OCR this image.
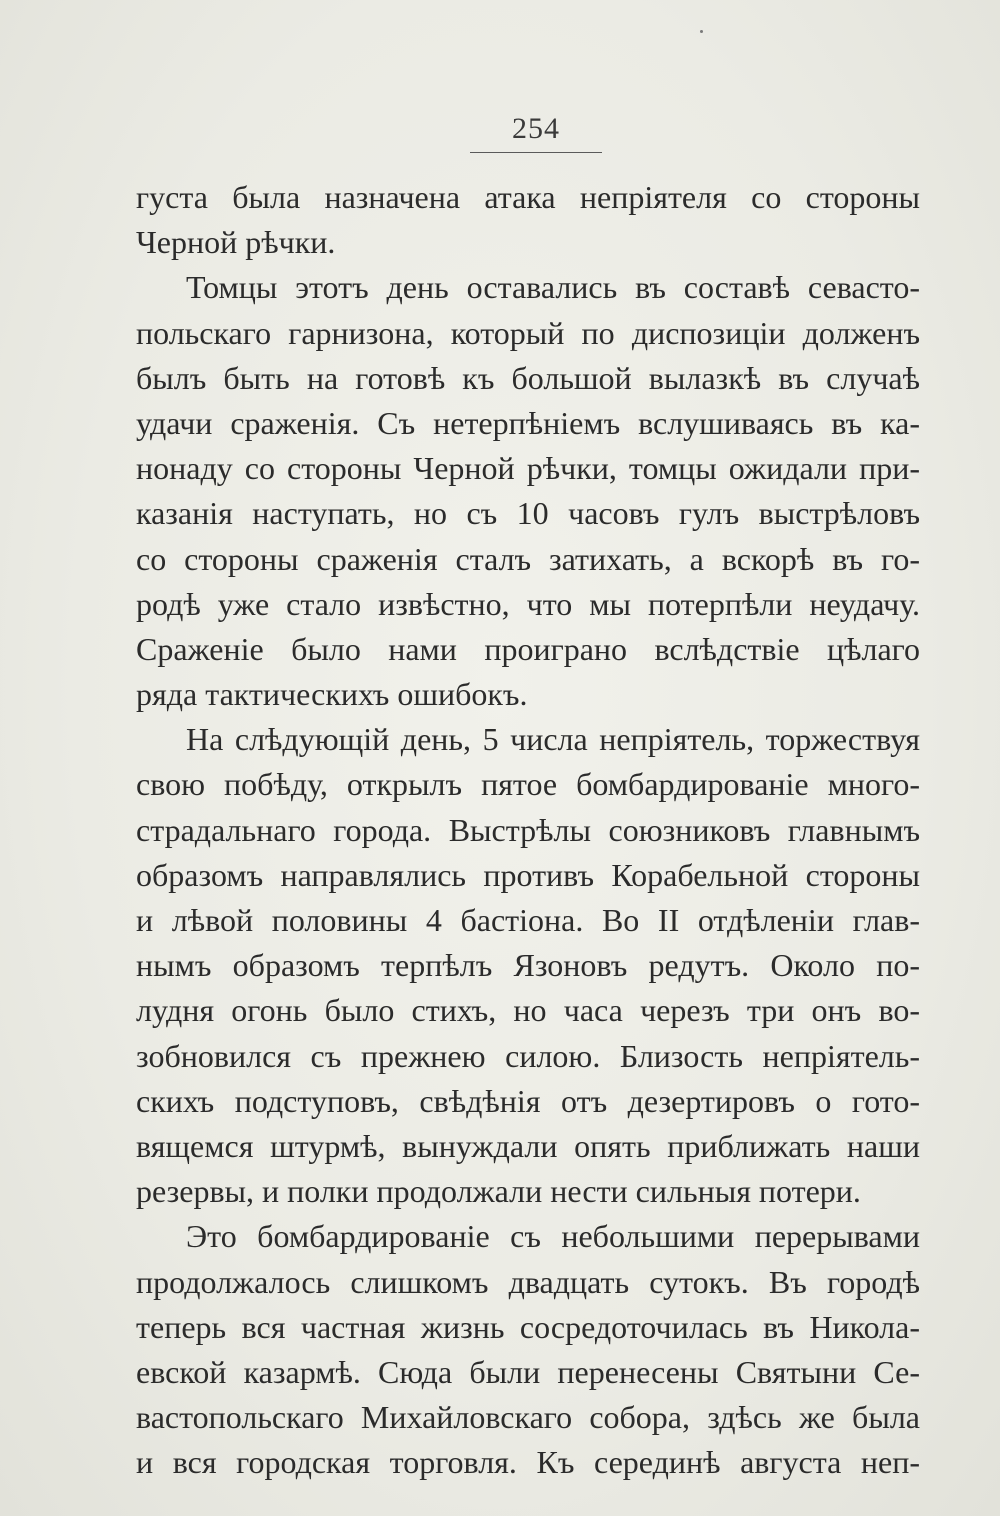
254
густа была назначена атака непріятеля со стороны
Черной рѣчки.
Томцы этотъ день оставались въ составѣ севасто-
польскаго гарнизона, который по диспозиціи долженъ
былъ быть на готовѣ къ большой вылазкѣ въ случаѣ
удачи сраженія. Съ нетерпѣніемъ вслушиваясь въ ка-
нонаду со стороны Черной рѣчки, томцы ожидали при-
казанія наступать, но съ 10 часовъ гулъ выстрѣловъ
со стороны сраженія сталъ затихать, а вскорѣ въ го-
родѣ уже стало извѣстно, что мы потерпѣли неудачу.
Сраженіе было нами проиграно вслѣдствіе цѣлаго
ряда тактическихъ ошибокъ.
На слѣдующій день, 5 числа непріятель, торжествуя
свою побѣду, открылъ пятое бомбардированіе много-
страдальнаго города. Выстрѣлы союзниковъ главнымъ
образомъ направлялись противъ Корабельной стороны
и лѣвой половины 4 бастіона. Во II отдѣленіи глав-
нымъ образомъ терпѣлъ Язоновъ редутъ. Около по-
лудня огонь было стихъ, но часа черезъ три онъ во-
зобновился съ прежнею силою. Близость непріятель-
скихъ подступовъ, свѣдѣнія отъ дезертировъ о гото-
вящемся штурмѣ, вынуждали опять приближать наши
резервы, и полки продолжали нести сильныя потери.
Это бомбардированіе съ небольшими перерывами
продолжалось слишкомъ двадцать сутокъ. Въ городѣ
теперь вся частная жизнь сосредоточилась въ Никола-
евской казармѣ. Сюда были перенесены Святыни Се-
вастопольскаго Михайловскаго собора, здѣсь же была
и вся городская торговля. Къ серединѣ августа неп-
